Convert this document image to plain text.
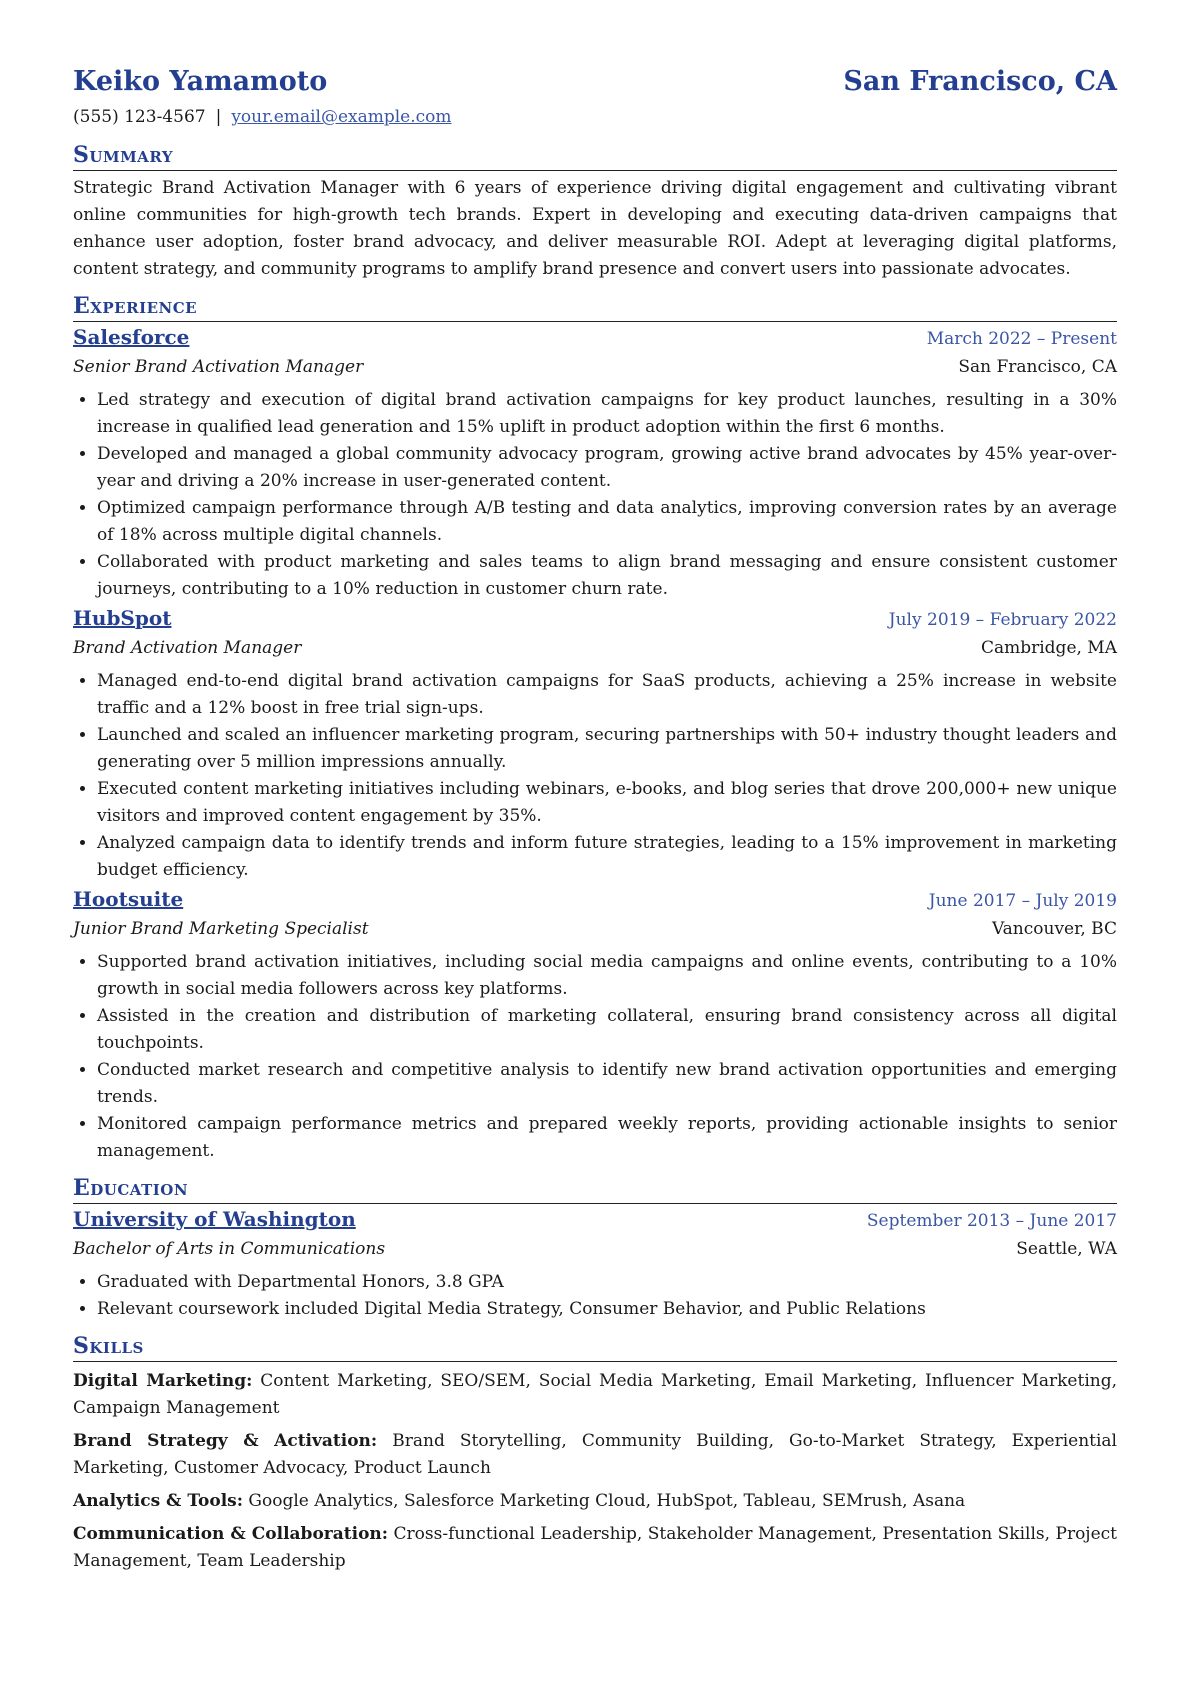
Keiko Yamamoto	San Francisco, CA
(555) 123-4567 | your.email@example.com
Summary

Strategic Brand Activation Manager with 6 years of experience driving digital engagement and cultivating vibrant online communities for high-growth tech brands. Expert in developing and executing data-driven campaigns that enhance user adoption, foster brand advocacy, and deliver measurable ROI. Adept at leveraging digital platforms, content strategy, and community programs to amplify brand presence and convert users into passionate advocates.

Experience
Salesforce	March 2022 – Present
Senior Brand Activation Manager	San Francisco, CA
• Led strategy and execution of digital brand activation campaigns for key product launches, resulting in a 30% increase in qualified lead generation and 15% uplift in product adoption within the first 6 months.
• Developed and managed a global community advocacy program, growing active brand advocates by 45% year-over-year and driving a 20% increase in user-generated content.
• Optimized campaign performance through A/B testing and data analytics, improving conversion rates by an average of 18% across multiple digital channels.
• Collaborated with product marketing and sales teams to align brand messaging and ensure consistent customer journeys, contributing to a 10% reduction in customer churn rate.
HubSpot	July 2019 – February 2022
Brand Activation Manager	Cambridge, MA
• Managed end-to-end digital brand activation campaigns for SaaS products, achieving a 25% increase in website traffic and a 12% boost in free trial sign-ups.
• Launched and scaled an influencer marketing program, securing partnerships with 50+ industry thought leaders and generating over 5 million impressions annually.
• Executed content marketing initiatives including webinars, e-books, and blog series that drove 200,000+ new unique visitors and improved content engagement by 35%.
• Analyzed campaign data to identify trends and inform future strategies, leading to a 15% improvement in marketing budget efficiency.
Hootsuite	June 2017 – July 2019
Junior Brand Marketing Specialist	Vancouver, BC
• Supported brand activation initiatives, including social media campaigns and online events, contributing to a 10% growth in social media followers across key platforms.
• Assisted in the creation and distribution of marketing collateral, ensuring brand consistency across all digital touchpoints.
• Conducted market research and competitive analysis to identify new brand activation opportunities and emerging trends.
• Monitored campaign performance metrics and prepared weekly reports, providing actionable insights to senior management.
Education
University of Washington	September 2013 – June 2017
Bachelor of Arts in Communications	Seattle, WA
• Graduated with Departmental Honors, 3.8 GPA
• Relevant coursework included Digital Media Strategy, Consumer Behavior, and Public Relations
Skills

Digital Marketing: Content Marketing, SEO/SEM, Social Media Marketing, Email Marketing, Influencer Marketing, Campaign Management

Brand Strategy & Activation: Brand Storytelling, Community Building, Go-to-Market Strategy, Experiential Marketing, Customer Advocacy, Product Launch

Analytics & Tools: Google Analytics, Salesforce Marketing Cloud, HubSpot, Tableau, SEMrush, Asana

Communication & Collaboration: Cross-functional Leadership, Stakeholder Management, Presentation Skills, Project Management, Team Leadership
